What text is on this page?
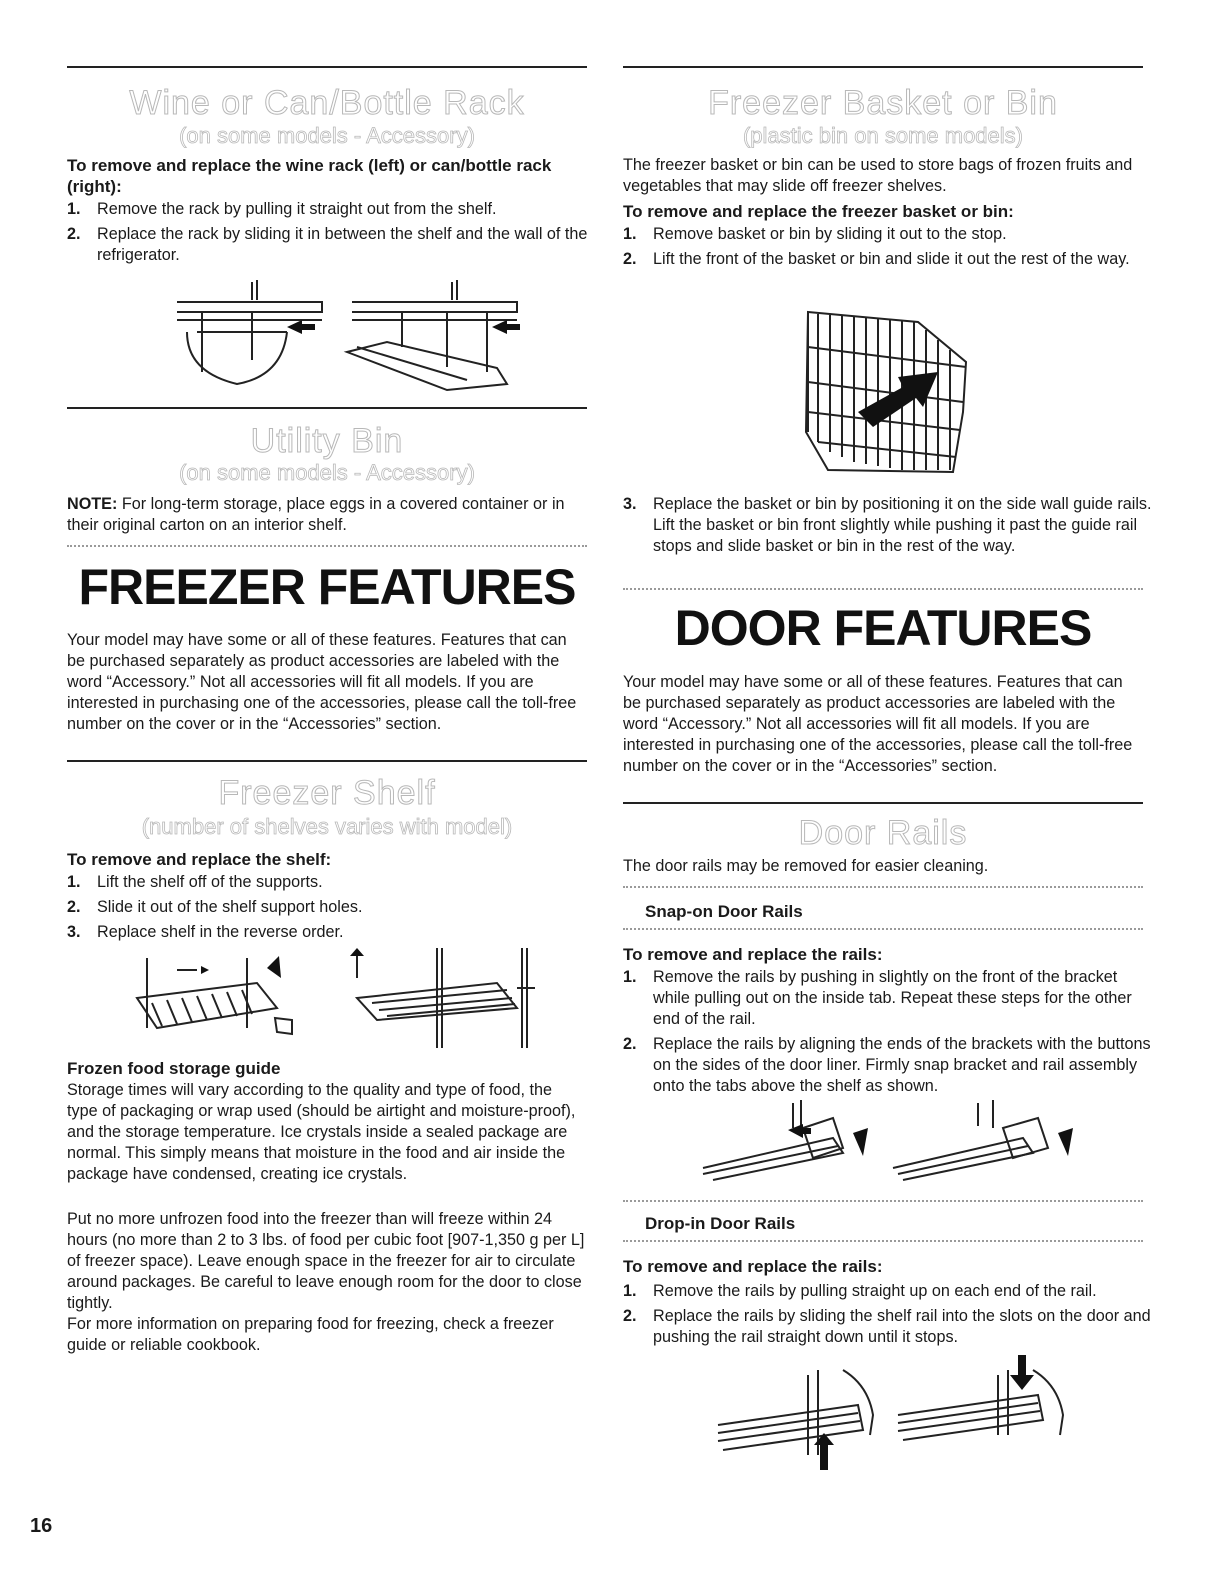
Wine or Can/Bottle Rack
(on some models - Accessory)
To remove and replace the wine rack (left) or can/bottle rack (right):
1. Remove the rack by pulling it straight out from the shelf.
2. Replace the rack by sliding it in between the shelf and the wall of the refrigerator.
Utility Bin
(on some models - Accessory)
NOTE: For long-term storage, place eggs in a covered container or in their original carton on an interior shelf.
FREEZER FEATURES
Your model may have some or all of these features. Features that can be purchased separately as product accessories are labeled with the word “Accessory.” Not all accessories will fit all models. If you are interested in purchasing one of the accessories, please call the toll-free number on the cover or in the “Accessories” section.
Freezer Shelf
(number of shelves varies with model)
To remove and replace the shelf:
1. Lift the shelf off of the supports.
2. Slide it out of the shelf support holes.
3. Replace shelf in the reverse order.
Frozen food storage guide
Storage times will vary according to the quality and type of food, the type of packaging or wrap used (should be airtight and moisture-proof), and the storage temperature. Ice crystals inside a sealed package are normal. This simply means that moisture in the food and air inside the package have condensed, creating ice crystals.
Put no more unfrozen food into the freezer than will freeze within 24 hours (no more than 2 to 3 lbs. of food per cubic foot [907-1,350 g per L] of freezer space). Leave enough space in the freezer for air to circulate around packages. Be careful to leave enough room for the door to close tightly.
For more information on preparing food for freezing, check a freezer guide or reliable cookbook.
Freezer Basket or Bin
(plastic bin on some models)
The freezer basket or bin can be used to store bags of frozen fruits and vegetables that may slide off freezer shelves.
To remove and replace the freezer basket or bin:
1. Remove basket or bin by sliding it out to the stop.
2. Lift the front of the basket or bin and slide it out the rest of the way.
3. Replace the basket or bin by positioning it on the side wall guide rails. Lift the basket or bin front slightly while pushing it past the guide rail stops and slide basket or bin in the rest of the way.
DOOR FEATURES
Your model may have some or all of these features. Features that can be purchased separately as product accessories are labeled with the word “Accessory.” Not all accessories will fit all models. If you are interested in purchasing one of the accessories, please call the toll-free number on the cover or in the “Accessories” section.
Door Rails
The door rails may be removed for easier cleaning.
Snap-on Door Rails
To remove and replace the rails:
1. Remove the rails by pushing in slightly on the front of the bracket while pulling out on the inside tab. Repeat these steps for the other end of the rail.
2. Replace the rails by aligning the ends of the brackets with the buttons on the sides of the door liner. Firmly snap bracket and rail assembly onto the tabs above the shelf as shown.
Drop-in Door Rails
To remove and replace the rails:
1. Remove the rails by pulling straight up on each end of the rail.
2. Replace the rails by sliding the shelf rail into the slots on the door and pushing the rail straight down until it stops.
16
